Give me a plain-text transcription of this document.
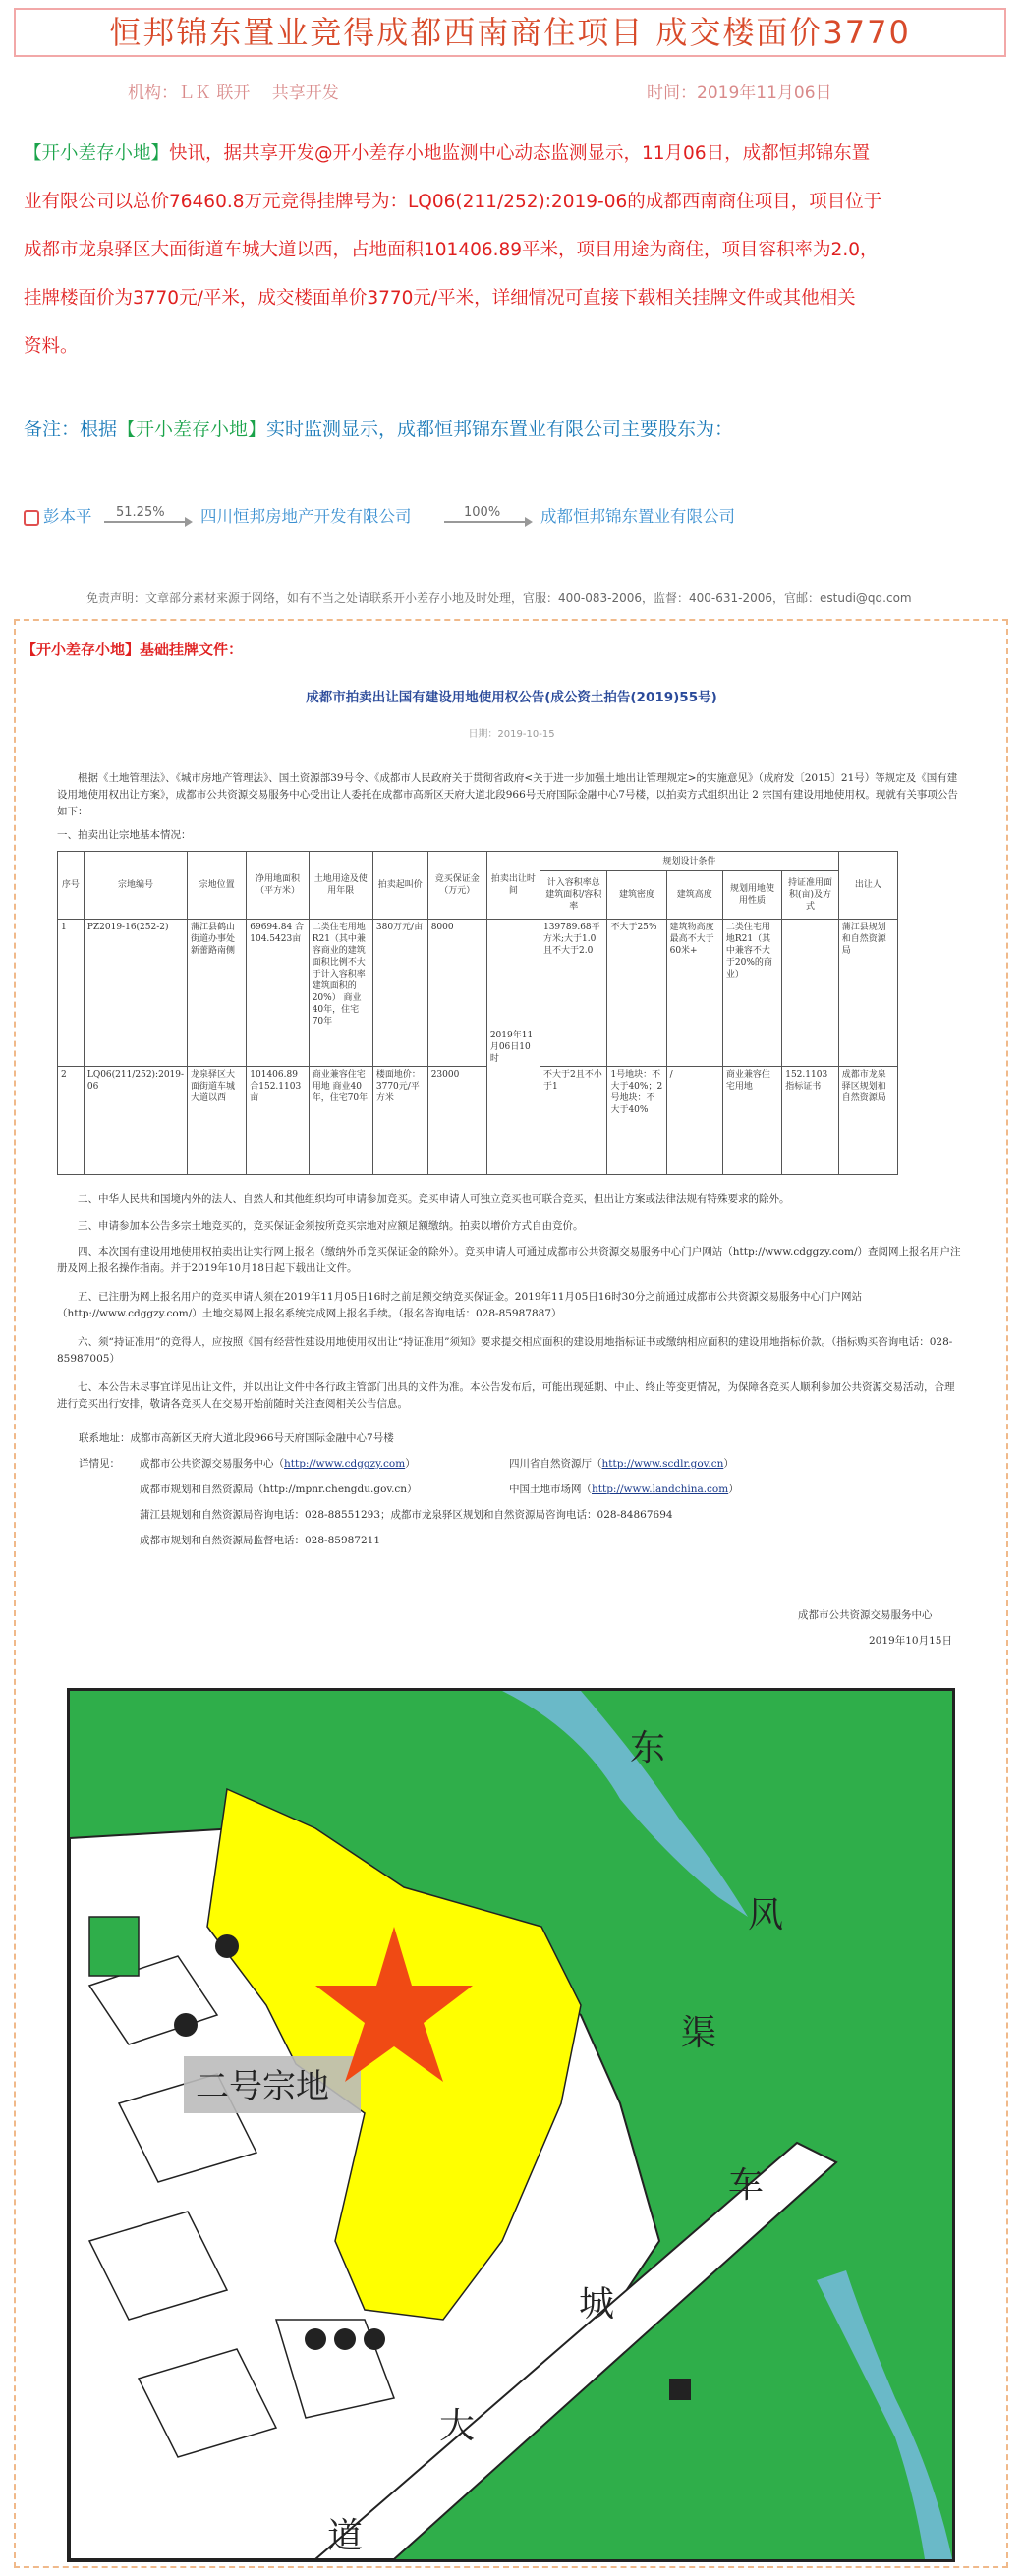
恒邦锦东置业竞得成都西南商住项目 成交楼面价3770
机构：ＬＫ 联开　 共享开发	时间：2019年11月06日
【开小差存小地】快讯，据共享开发@开小差存小地监测中心动态监测显示，11月06日，成都恒邦锦东置
业有限公司以总价76460.8万元竞得挂牌号为：LQ06(211/252):2019-06的成都西南商住项目，项目位于
成都市龙泉驿区大面街道车城大道以西，占地面积101406.89平米，项目用途为商住，项目容积率为2.0，
挂牌楼面价为3770元/平米，成交楼面单价3770元/平米，详细情况可直接下载相关挂牌文件或其他相关
资料。
备注：根据【开小差存小地】实时监测显示，成都恒邦锦东置业有限公司主要股东为：
彭本平 51.25% 四川恒邦房地产开发有限公司	100% 成都恒邦锦东置业有限公司
免责声明：文章部分素材来源于网络，如有不当之处请联系开小差存小地及时处理，官服：400-083-2006，监督：400-631-2006，官邮：estudi@qq.com
【开小差存小地】基础挂牌文件：
成都市拍卖出让国有建设用地使用权公告(成公资土拍告(2019)55号)
日期：2019-10-15
根据《土地管理法》、《城市房地产管理法》、国土资源部39号令、《成都市人民政府关于贯彻省政府<关于进一步加强土地出让管理规定>的实施意见》（成府发〔2015〕21号）等规定及《国有建设用地使用权出让方案》，成都市公共资源交易服务中心受出让人委托在成都市高新区天府大道北段966号天府国际金融中心7号楼，以拍卖方式组织出让 2 宗国有建设用地使用权。现就有关事项公告如下：
一、拍卖出让宗地基本情况：
序号	宗地编号	宗地位置	净用地面积（平方米）	土地用途及使用年限	拍卖起叫价	竞买保证金（万元）	拍卖出让时间	规划设计条件					出让人
								计入容积率总建筑面积/容积率	建筑密度	建筑高度	规划用地使用性质	持证准用面积(亩)及方式	
1	PZ2019-16(252-2)	蒲江县鹤山街道办事处新蕾路南侧	69694.84 合104.5423亩	二类住宅用地R21（其中兼容商业的建筑面积比例不大于计入容积率建筑面积的20%） 商业40年，住宅70年	380万元/亩	8000	2019年11月06日10时	139789.68平方米;大于1.0且不大于2.0	不大于25%	建筑物高度最高不大于60米+	二类住宅用地R21（其中兼容不大于20%的商业）		蒲江县规划和自然资源局
2	LQ06(211/252):2019-06	龙泉驿区大面街道车城大道以西	101406.89 合152.1103亩	商业兼容住宅用地 商业40年，住宅70年	楼面地价：3770元/平方米	23000		不大于2且不小于1	1号地块：不大于40%；2号地块：不大于40%	/	商业兼容住宅用地	152.1103 指标证书	成都市龙泉驿区规划和自然资源局
二、中华人民共和国境内外的法人、自然人和其他组织均可申请参加竞买。竞买申请人可独立竞买也可联合竞买，但出让方案或法律法规有特殊要求的除外。
三、申请参加本公告多宗土地竞买的，竞买保证金须按所竞买宗地对应额足额缴纳。拍卖以增价方式自由竞价。
四、本次国有建设用地使用权拍卖出让实行网上报名（缴纳外币竞买保证金的除外）。竞买申请人可通过成都市公共资源交易服务中心门户网站（http://www.cdggzy.com/）查阅网上报名用户注册及网上报名操作指南。并于2019年10月18日起下载出让文件。
五、已注册为网上报名用户的竞买申请人须在2019年11月05日16时之前足额交纳竞买保证金。2019年11月05日16时30分之前通过成都市公共资源交易服务中心门户网站（http://www.cdggzy.com/）土地交易网上报名系统完成网上报名手续。（报名咨询电话：028-85987887）
六、须“持证准用”的竞得人，应按照《国有经营性建设用地使用权出让“持证准用”须知》要求提交相应面积的建设用地指标证书或缴纳相应面积的建设用地指标价款。（指标购买咨询电话：028-85987005）
七、本公告未尽事宜详见出让文件，并以出让文件中各行政主管部门出具的文件为准。本公告发布后，可能出现延期、中止、终止等变更情况，为保障各竞买人顺利参加公共资源交易活动，合理进行竞买出行安排，敬请各竞买人在交易开始前随时关注查阅相关公告信息。
联系地址：成都市高新区天府大道北段966号天府国际金融中心7号楼
详情见： 成都市公共资源交易服务中心（http://www.cdggzy.com）	四川省自然资源厅（http://www.scdlr.gov.cn）
成都市规划和自然资源局（http://mpnr.chengdu.gov.cn）	中国土地市场网（http://www.landchina.com）
蒲江县规划和自然资源局咨询电话：028-88551293；成都市龙泉驿区规划和自然资源局咨询电话：028-84867694
成都市规划和自然资源局监督电话：028-85987211
成都市公共资源交易服务中心
2019年10月15日
东
风
渠
车
城
大
道
二号宗地
